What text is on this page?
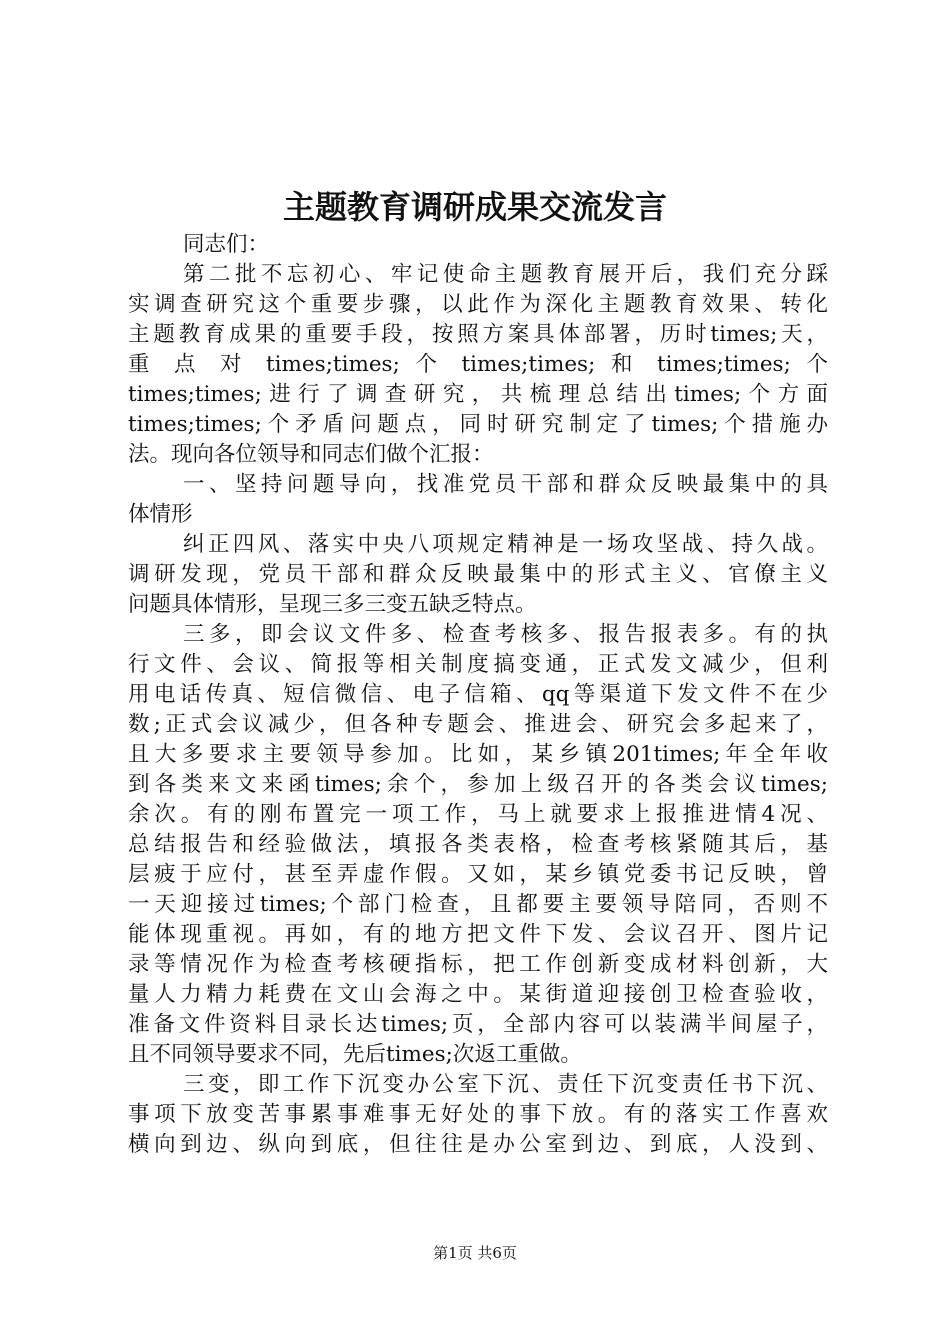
主题教育调研成果交流发言
同志们：
第二批不忘初心、牢记使命主题教育展开后，我们充分踩
实调查研究这个重要步骤，以此作为深化主题教育效果、转化
主题教育成果的重要手段，按照方案具体部署，历时times;天，
重 点 对 times;times; 个 times;times; 和 times;times; 个
times;times;进行了调查研究，共梳理总结出times;个方面
times;times;个矛盾问题点，同时研究制定了times;个措施办
法。现向各位领导和同志们做个汇报：
一、坚持问题导向，找准党员干部和群众反映最集中的具
体情形
纠正四风、落实中央八项规定精神是一场攻坚战、持久战。
调研发现，党员干部和群众反映最集中的形式主义、官僚主义
问题具体情形，呈现三多三变五缺乏特点。
三多，即会议文件多、检查考核多、报告报表多。有的执
行文件、会议、简报等相关制度搞变通，正式发文减少，但利
用电话传真、短信微信、电子信箱、qq等渠道下发文件不在少
数;正式会议减少，但各种专题会、推进会、研究会多起来了，
且大多要求主要领导参加。比如，某乡镇201times;年全年收
到各类来文来函times;余个，参加上级召开的各类会议times;
余次。有的刚布置完一项工作，马上就要求上报推进情4况、
总结报告和经验做法，填报各类表格，检查考核紧随其后，基
层疲于应付，甚至弄虚作假。又如，某乡镇党委书记反映，曾
一天迎接过times;个部门检查，且都要主要领导陪同，否则不
能体现重视。再如，有的地方把文件下发、会议召开、图片记
录等情况作为检查考核硬指标，把工作创新变成材料创新，大
量人力精力耗费在文山会海之中。某街道迎接创卫检查验收，
准备文件资料目录长达times;页，全部内容可以装满半间屋子，
且不同领导要求不同，先后times;次返工重做。
三变，即工作下沉变办公室下沉、责任下沉变责任书下沉、
事项下放变苦事累事难事无好处的事下放。有的落实工作喜欢
横向到边、纵向到底，但往往是办公室到边、到底，人没到、
第1页 共6页
